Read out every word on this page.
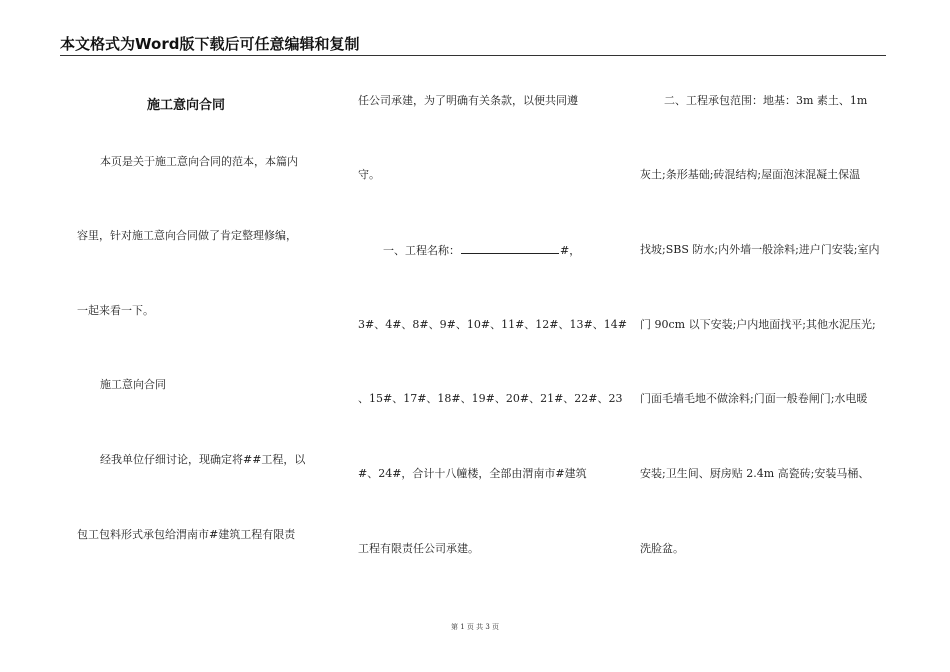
本文格式为Word版下载后可任意编辑和复制
施工意向合同
本页是关于施工意向合同的范本，本篇内
容里，针对施工意向合同做了肯定整理修编，
一起来看一下。
施工意向合同
经我单位仔细讨论，现确定将##工程，以
包工包料形式承包给渭南市#建筑工程有限责
任公司承建，为了明确有关条款，以便共同遵
守。
一、工程名称：	#，
3#、4#、8#、9#、10#、11#、12#、13#、14#
、15#、17#、18#、19#、20#、21#、22#、23
#、24#，合计十八幢楼，全部由渭南市#建筑
工程有限责任公司承建。
二、工程承包范围：地基：3m 素土、1m
灰土;条形基础;砖混结构;屋面泡沫混凝土保温
找坡;SBS 防水;内外墙一般涂料;进户门安装;室内
门 90cm 以下安装;户内地面找平;其他水泥压光;
门面毛墙毛地不做涂料;门面一般卷闸门;水电暖
安装;卫生间、厨房贴 2.4m 高瓷砖;安装马桶、
洗脸盆。
第 1 页 共 3 页
